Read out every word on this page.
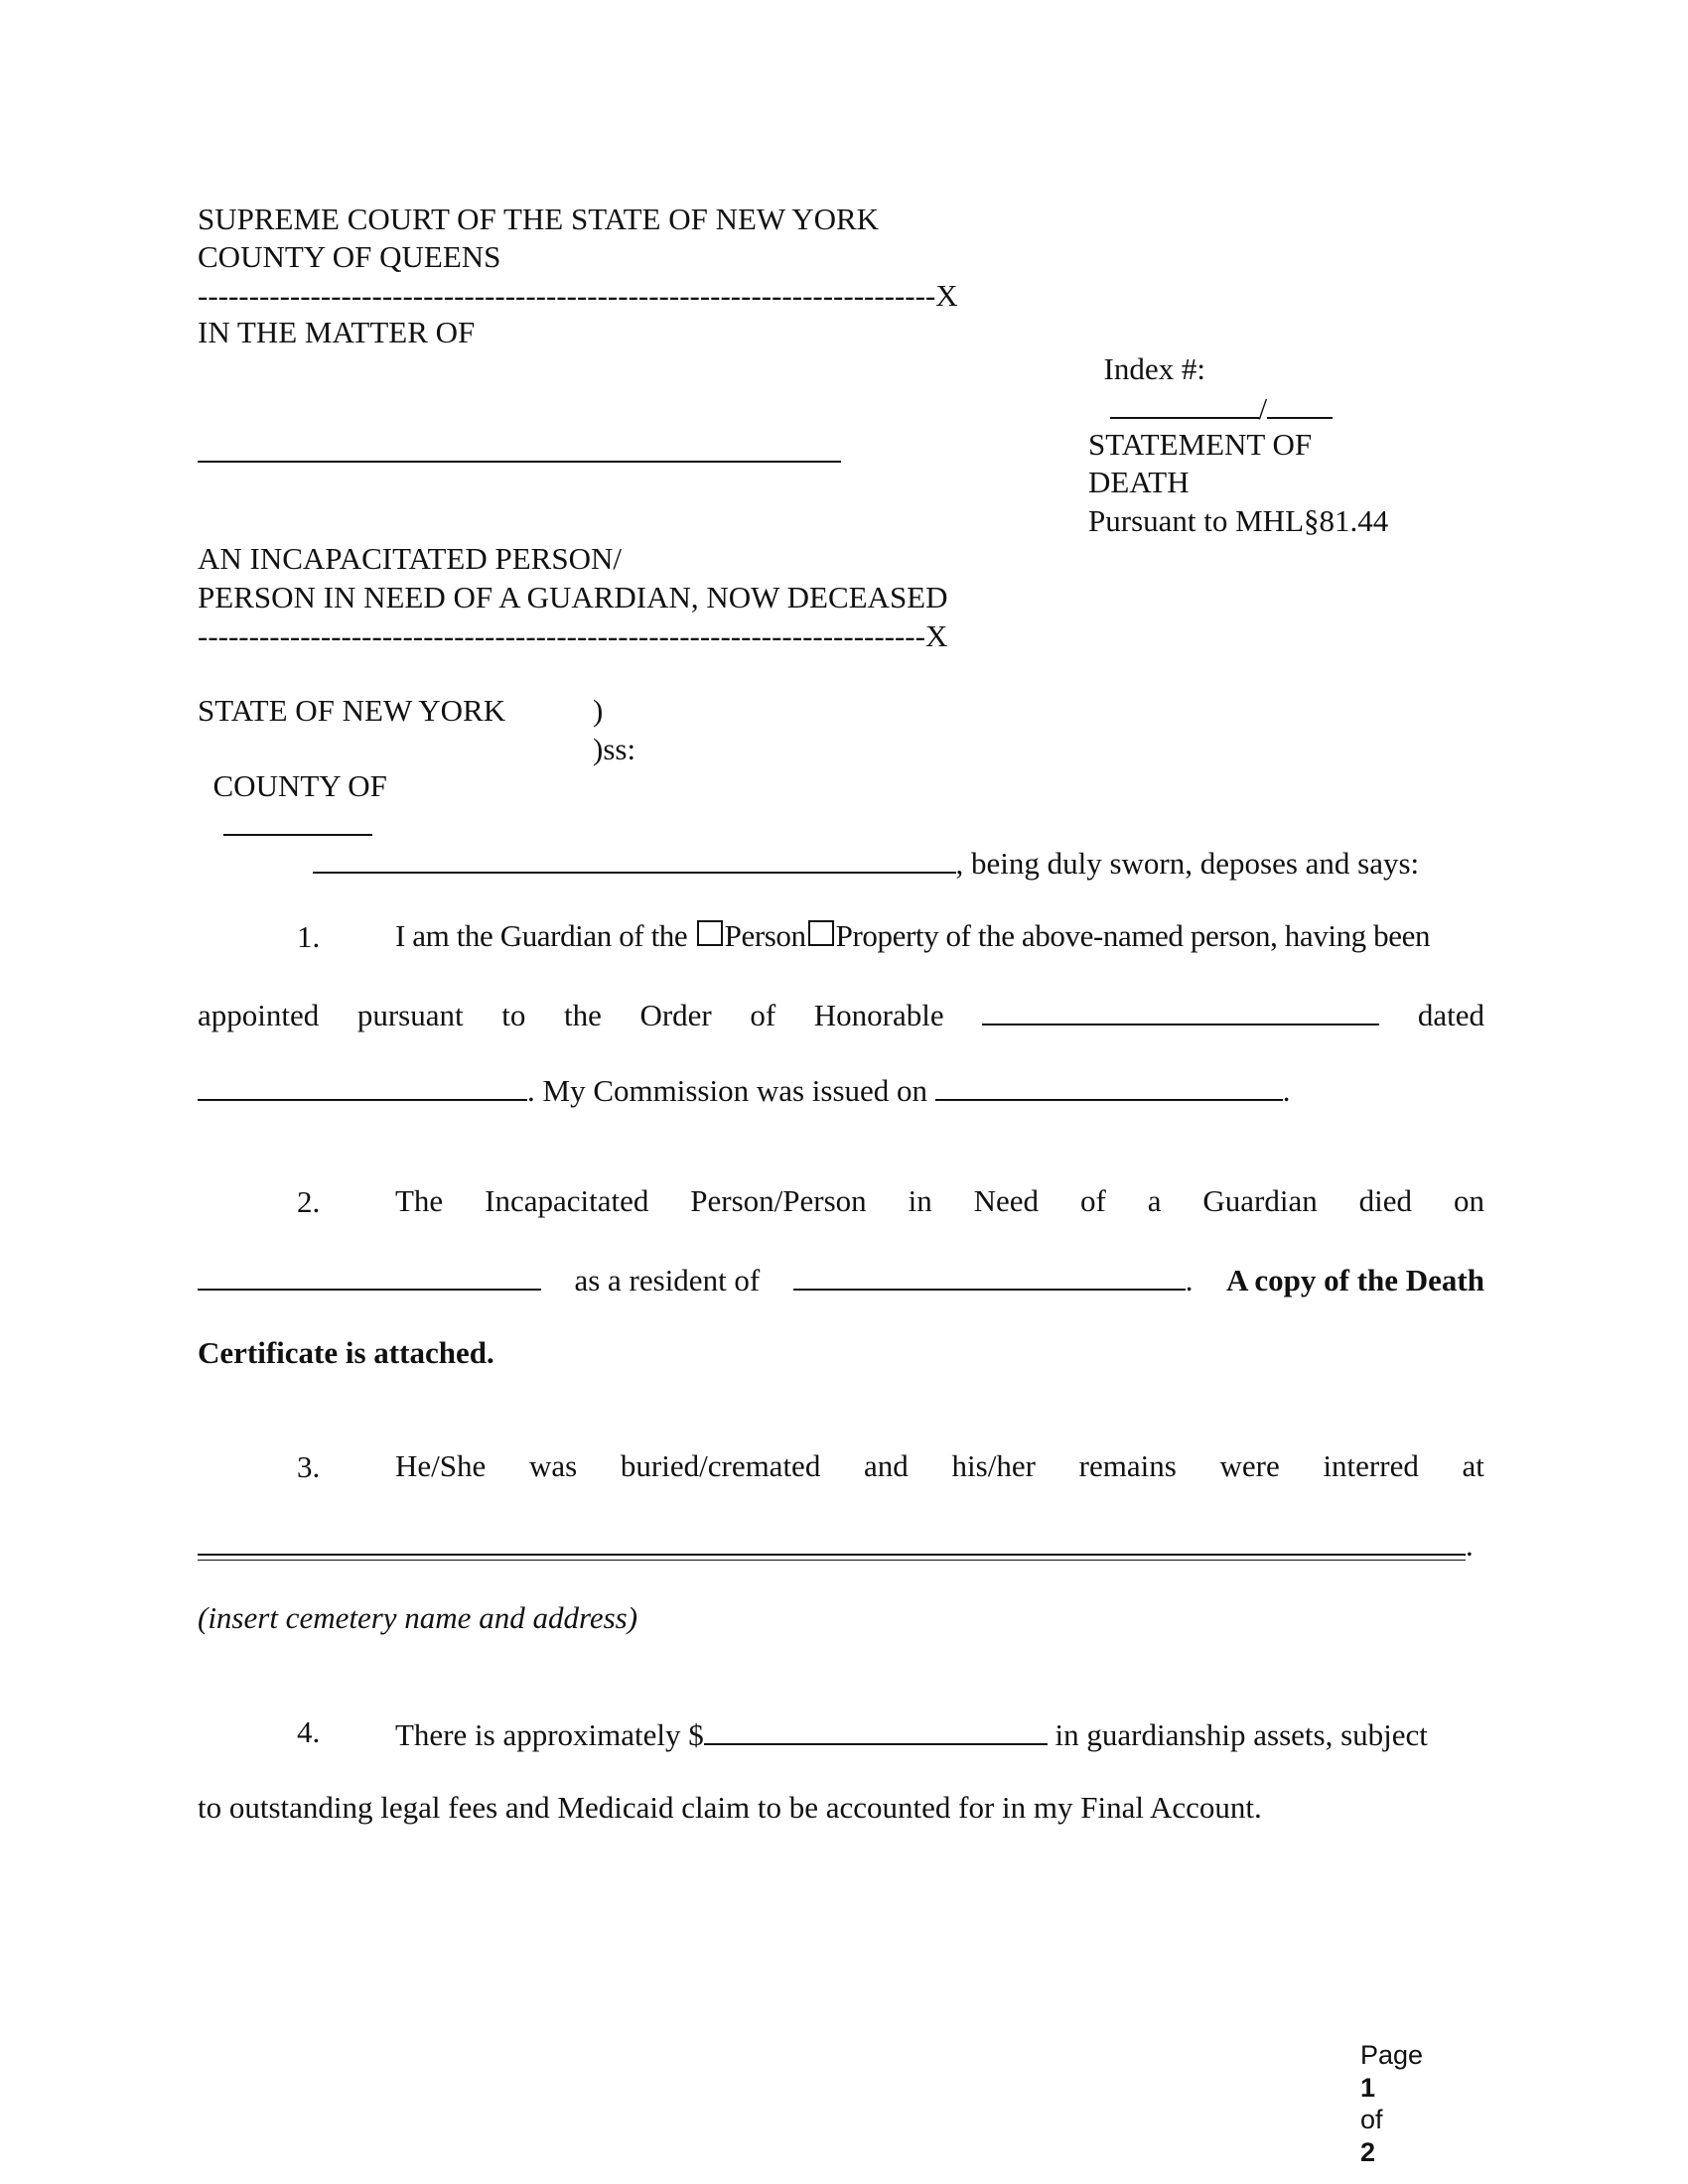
SUPREME COURT OF THE STATE OF NEW YORK
COUNTY OF QUEENS
------------------------------------------------------------------------X
IN THE MATTER OF

Index #:
/

STATEMENT OF
DEATH
Pursuant to MHL§81.44
AN INCAPACITATED PERSON/
PERSON IN NEED OF A GUARDIAN, NOW DECEASED
-----------------------------------------------------------------------X
STATE OF NEW YORK	)

COUNTY OF

)ss:

, being duly sworn, deposes and says:

1. I am the Guardian of the
Person Property of the above-named person, having been
appointed pursuant to the Order of Honorable	dated
. My Commission was issued on
	.
2. The Incapacitated Person/Person in Need of a Guardian died on
as a resident of	. A copy of the Death
Certificate is attached.
3. He/She was buried/cremated and his/her remains were interred at
.
(insert cemetery name and address)
4. There is approximately $
	in guardianship assets, subject
to outstanding legal fees and Medicaid claim to be accounted for in my Final Account.

Page
1
of
2
